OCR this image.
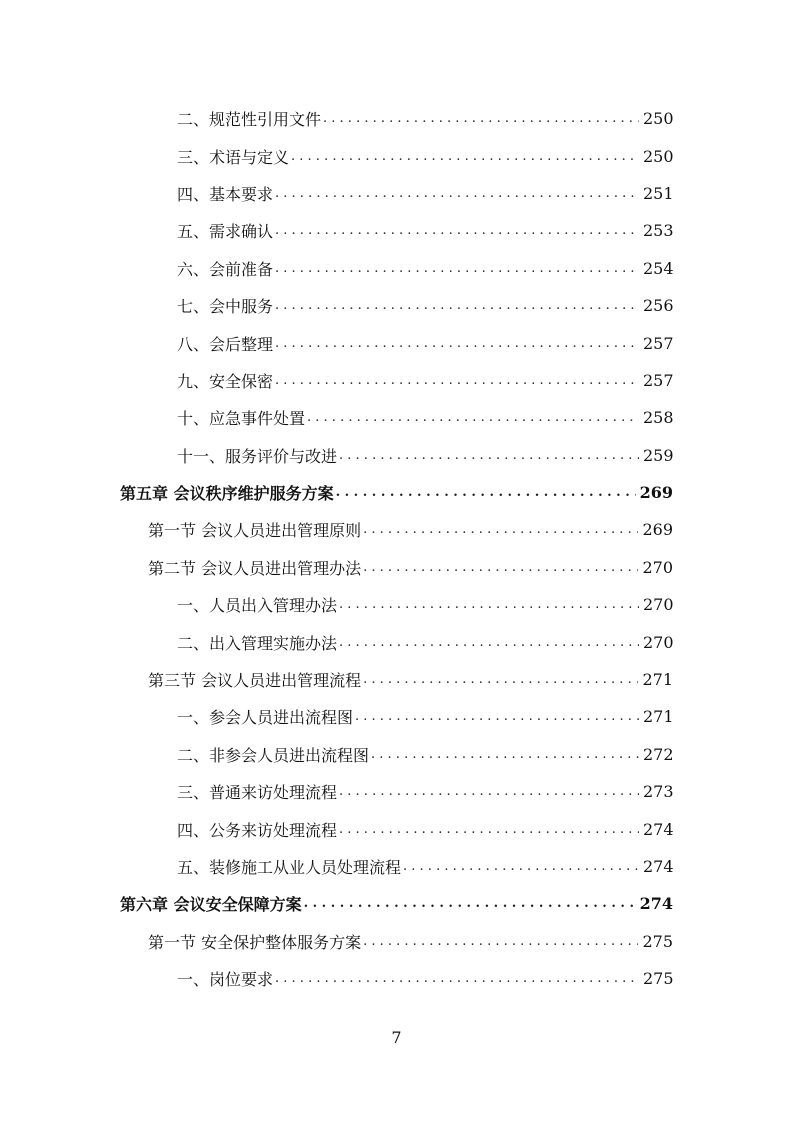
二、规范性引用文件 . . .	250
三、术语与定义 . . .	250
四、基本要求 . . .	251
五、需求确认 . . .	253
六、会前准备 . . .	254
七、会中服务 . . .	256
八、会后整理 . . .	257
九、安全保密 . . .	257
十、应急事件处置 . . .	258
十一、服务评价与改进 . . .	259
第五章 会议秩序维护服务方案 . . .	269
第一节 会议人员进出管理原则 . . .	269
第二节 会议人员进出管理办法 . . .	270
一、人员出入管理办法 . . .	270
二、出入管理实施办法 . . .	270
第三节 会议人员进出管理流程 . . .	271
一、参会人员进出流程图 . . .	271
二、非参会人员进出流程图 . . .	272
三、普通来访处理流程 . . .	273
四、公务来访处理流程 . . .	274
五、装修施工从业人员处理流程 . . .	274
第六章 会议安全保障方案 . . .	274
第一节 安全保护整体服务方案 . . .	275
一、岗位要求 . . .	275
7
